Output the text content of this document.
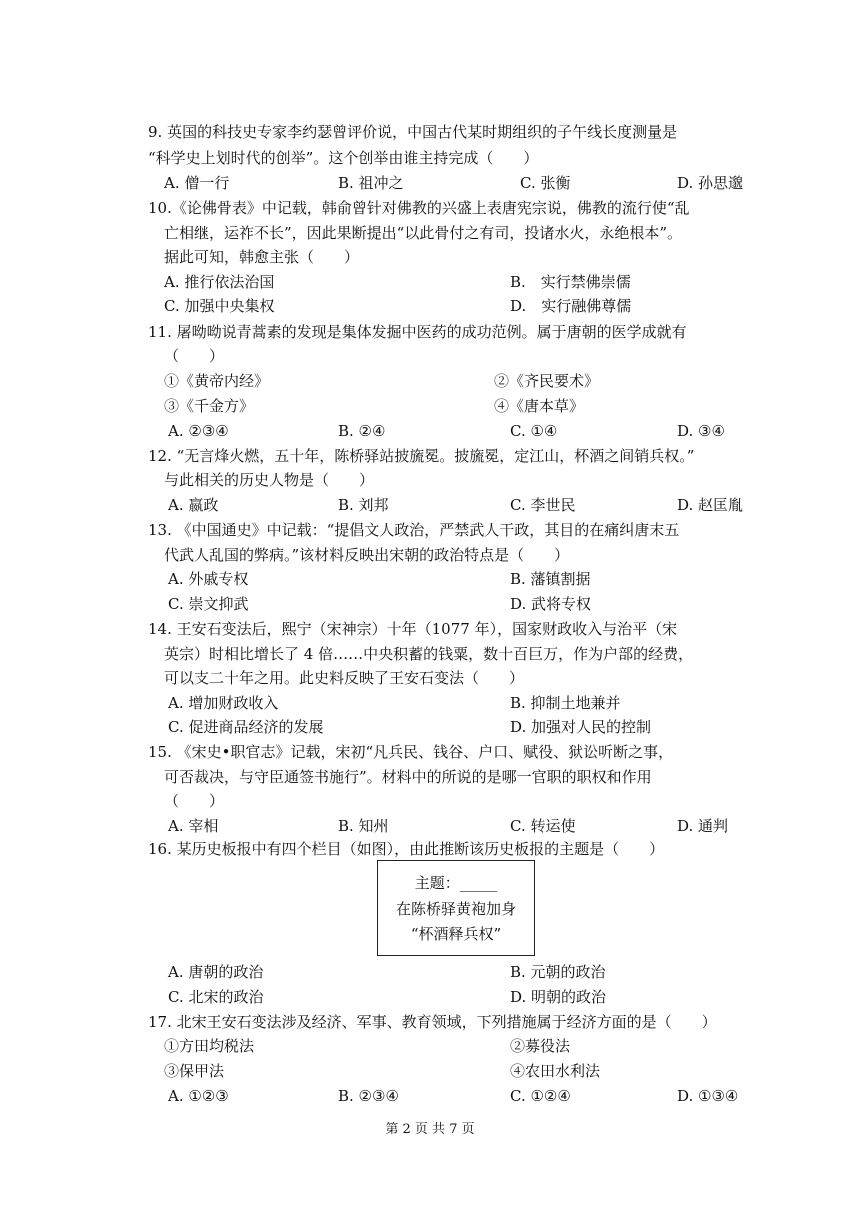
9. 英国的科技史专家李约瑟曾评价说，中国古代某时期组织的子午线长度测量是
“科学史上划时代的创举”。这个创举由谁主持完成（　　）
A. 僧一行	B. 祖冲之	C. 张衡	D. 孙思邈
10.《论佛骨表》中记载，韩俞曾针对佛教的兴盛上表唐宪宗说，佛教的流行使“乱
亡相继，运祚不长”，因此果断提出“以此骨付之有司，投诸水火，永绝根本”。
据此可知，韩愈主张（　　）
A. 推行依法治国	B.　实行禁佛崇儒
C. 加强中央集权	D.　实行融佛尊儒
11. 屠呦呦说青蒿素的发现是集体发掘中医药的成功范例。属于唐朝的医学成就有
（　　）
①《黄帝内经》	②《齐民要术》
③《千金方》	④《唐本草》
A. ②③④	B. ②④	C. ①④	D. ③④
12. “无言烽火燃，五十年，陈桥驿站披旒冕。披旒冕，定江山，杯酒之间销兵权。”
与此相关的历史人物是（　　）
A. 嬴政	B. 刘邦	C. 李世民	D. 赵匡胤
13. 《中国通史》中记载：“提倡文人政治，严禁武人干政，其目的在痛纠唐末五
代武人乱国的弊病。”该材料反映出宋朝的政治特点是（　　）
A. 外戚专权	B. 藩镇割据
C. 崇文抑武	D. 武将专权
14. 王安石变法后，熙宁（宋神宗）十年（1077 年），国家财政收入与治平（宋
英宗）时相比增长了 4 倍……中央积蓄的钱粟，数十百巨万，作为户部的经费，
可以支二十年之用。此史料反映了王安石变法（　　）
A. 增加财政收入	B. 抑制土地兼并
C. 促进商品经济的发展	D. 加强对人民的控制
15. 《宋史•职官志》记载，宋初“凡兵民、钱谷、户口、赋役、狱讼听断之事，
可否裁决，与守臣通签书施行”。材料中的所说的是哪一官职的职权和作用
（　　）
A. 宰相	B. 知州	C. 转运使	D. 通判
16. 某历史板报中有四个栏目（如图），由此推断该历史板报的主题是（　　）
主题：_____
在陈桥驿黄袍加身
“杯酒释兵权”
A. 唐朝的政治	B. 元朝的政治
C. 北宋的政治	D. 明朝的政治
17. 北宋王安石变法涉及经济、军事、教育领域，下列措施属于经济方面的是（　　）
①方田均税法	②募役法
③保甲法	④农田水利法
A. ①②③	B. ②③④	C. ①②④	D. ①③④
第 2 页 共 7 页
